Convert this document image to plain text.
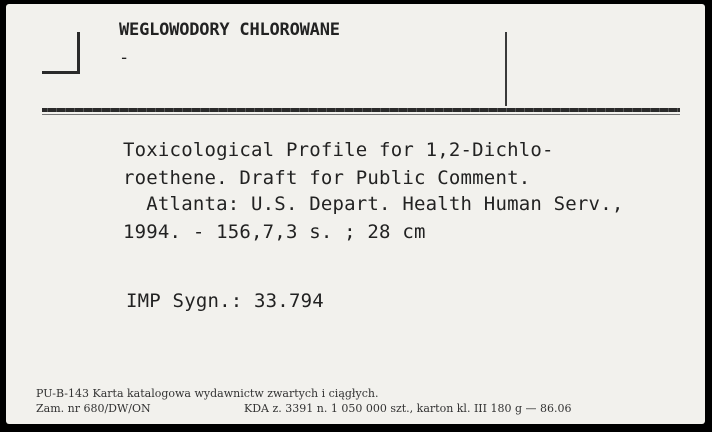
WEGLOWODORY CHLOROWANE
-
Toxicological Profile for 1,2-Dichlo-
roethene. Draft for Public Comment.
Atlanta: U.S. Depart. Health Human Serv.,
1994. - 156,7,3 s. ; 28 cm
IMP Sygn.: 33.794
PU-B-143 Karta katalogowa wydawnictw zwartych i ciągłych.
Zam. nr 680/DW/ON	KDA z. 3391 n. 1 050 000 szt., karton kl. III 180 g — 86.06
